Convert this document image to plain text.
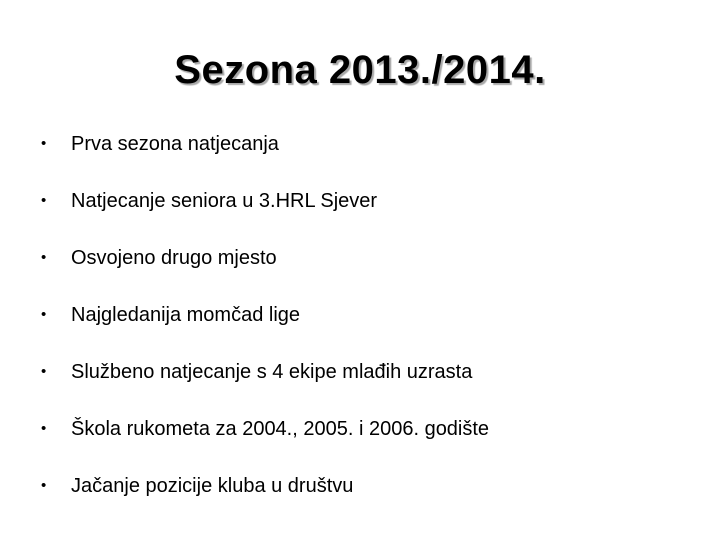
Sezona 2013./2014.
•	Prva sezona natjecanja
•	Natjecanje seniora u 3.HRL Sjever
•	Osvojeno drugo mjesto
•	Najgledanija momčad lige
•	Službeno natjecanje s 4 ekipe mlađih uzrasta
•	Škola rukometa za 2004., 2005. i 2006. godište
•	Jačanje pozicije kluba u društvu
